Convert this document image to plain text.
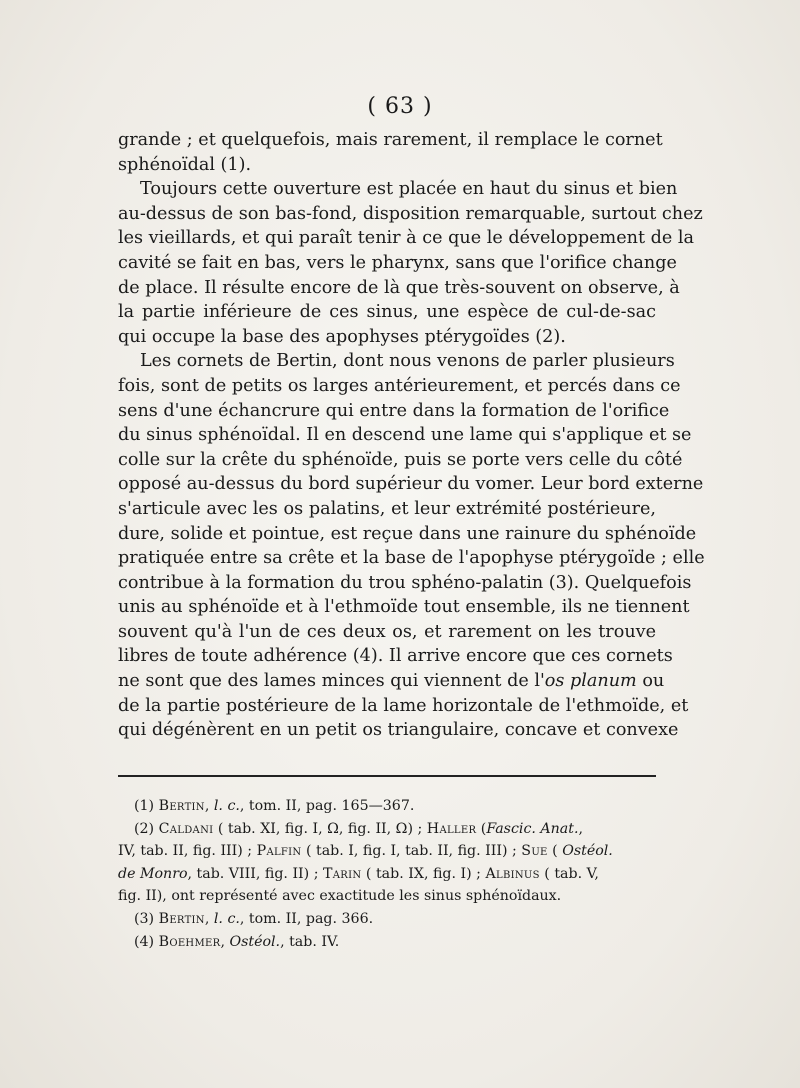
( 63 )
grande ; et quelquefois, mais rarement, il remplace le cornet
sphénoïdal (1).
Toujours cette ouverture est placée en haut du sinus et bien
au-dessus de son bas-fond, disposition remarquable, surtout chez
les vieillards, et qui paraît tenir à ce que le développement de la
cavité se fait en bas, vers le pharynx, sans que l'orifice change
de place. Il résulte encore de là que très-souvent on observe, à
la partie inférieure de ces sinus, une espèce de cul-de-sac
qui occupe la base des apophyses ptérygoïdes (2).
Les cornets de Bertin, dont nous venons de parler plusieurs
fois, sont de petits os larges antérieurement, et percés dans ce
sens d'une échancrure qui entre dans la formation de l'orifice
du sinus sphénoïdal. Il en descend une lame qui s'applique et se
colle sur la crête du sphénoïde, puis se porte vers celle du côté
opposé au-dessus du bord supérieur du vomer. Leur bord externe
s'articule avec les os palatins, et leur extrémité postérieure,
dure, solide et pointue, est reçue dans une rainure du sphénoïde
pratiquée entre sa crête et la base de l'apophyse ptérygoïde ; elle
contribue à la formation du trou sphéno-palatin (3). Quelquefois
unis au sphénoïde et à l'ethmoïde tout ensemble, ils ne tiennent
souvent qu'à l'un de ces deux os, et rarement on les trouve
libres de toute adhérence (4). Il arrive encore que ces cornets
ne sont que des lames minces qui viennent de l'os planum ou
de la partie postérieure de la lame horizontale de l'ethmoïde, et
qui dégénèrent en un petit os triangulaire, concave et convexe
(1) Bertin, l. c., tom. II, pag. 165—367.
(2) Caldani ( tab. XI, fig. I, Ω, fig. II, Ω) ; Haller (Fascic. Anat.,
IV, tab. II, fig. III) ; Palfin ( tab. I, fig. I, tab. II, fig. III) ; Sue ( Ostéol.
de Monro, tab. VIII, fig. II) ; Tarin ( tab. IX, fig. I) ; Albinus ( tab. V,
fig. II), ont représenté avec exactitude les sinus sphénoïdaux.
(3) Bertin, l. c., tom. II, pag. 366.
(4) Boehmer, Ostéol., tab. IV.
